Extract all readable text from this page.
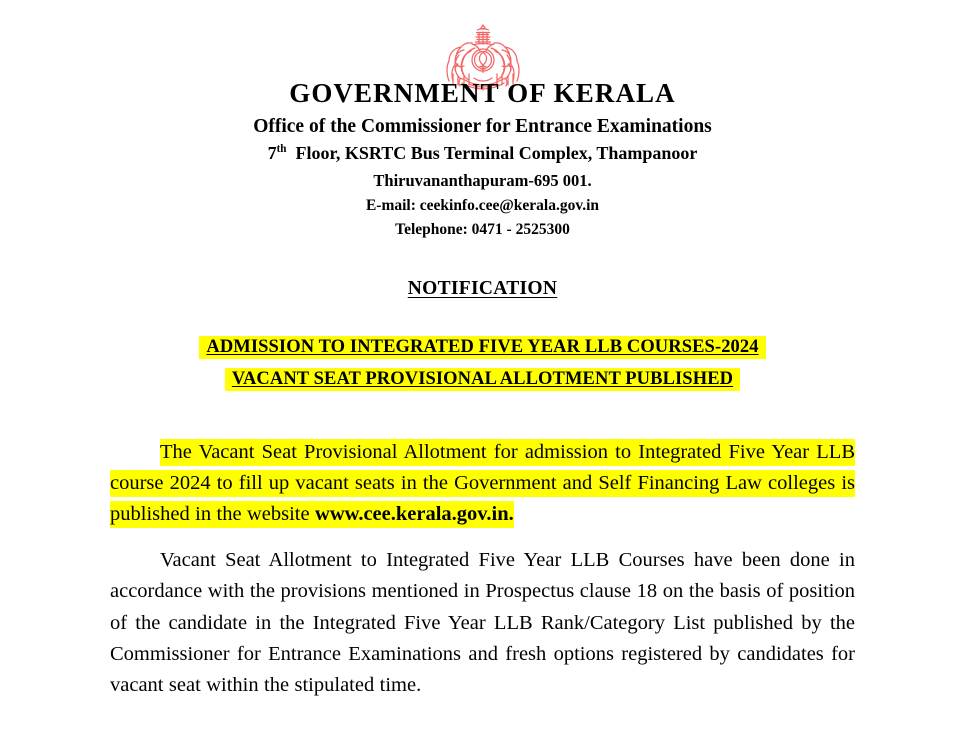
GOVERNMENT OF KERALA
Office of the Commissioner for Entrance Examinations
7th Floor, KSRTC Bus Terminal Complex, Thampanoor
Thiruvananthapuram-695 001.
E-mail: ceekinfo.cee@kerala.gov.in
Telephone: 0471 - 2525300
NOTIFICATION
ADMISSION TO INTEGRATED FIVE YEAR LLB COURSES-2024
VACANT SEAT PROVISIONAL ALLOTMENT PUBLISHED

The Vacant Seat Provisional Allotment for admission to Integrated Five Year LLB course 2024 to fill up vacant seats in the Government and Self Financing Law colleges is published in the website www.cee.kerala.gov.in.

Vacant Seat Allotment to Integrated Five Year LLB Courses have been done in accordance with the provisions mentioned in Prospectus clause 18 on the basis of position of the candidate in the Integrated Five Year LLB Rank/Category List published by the Commissioner for Entrance Examinations and fresh options registered by candidates for vacant seat within the stipulated time.
